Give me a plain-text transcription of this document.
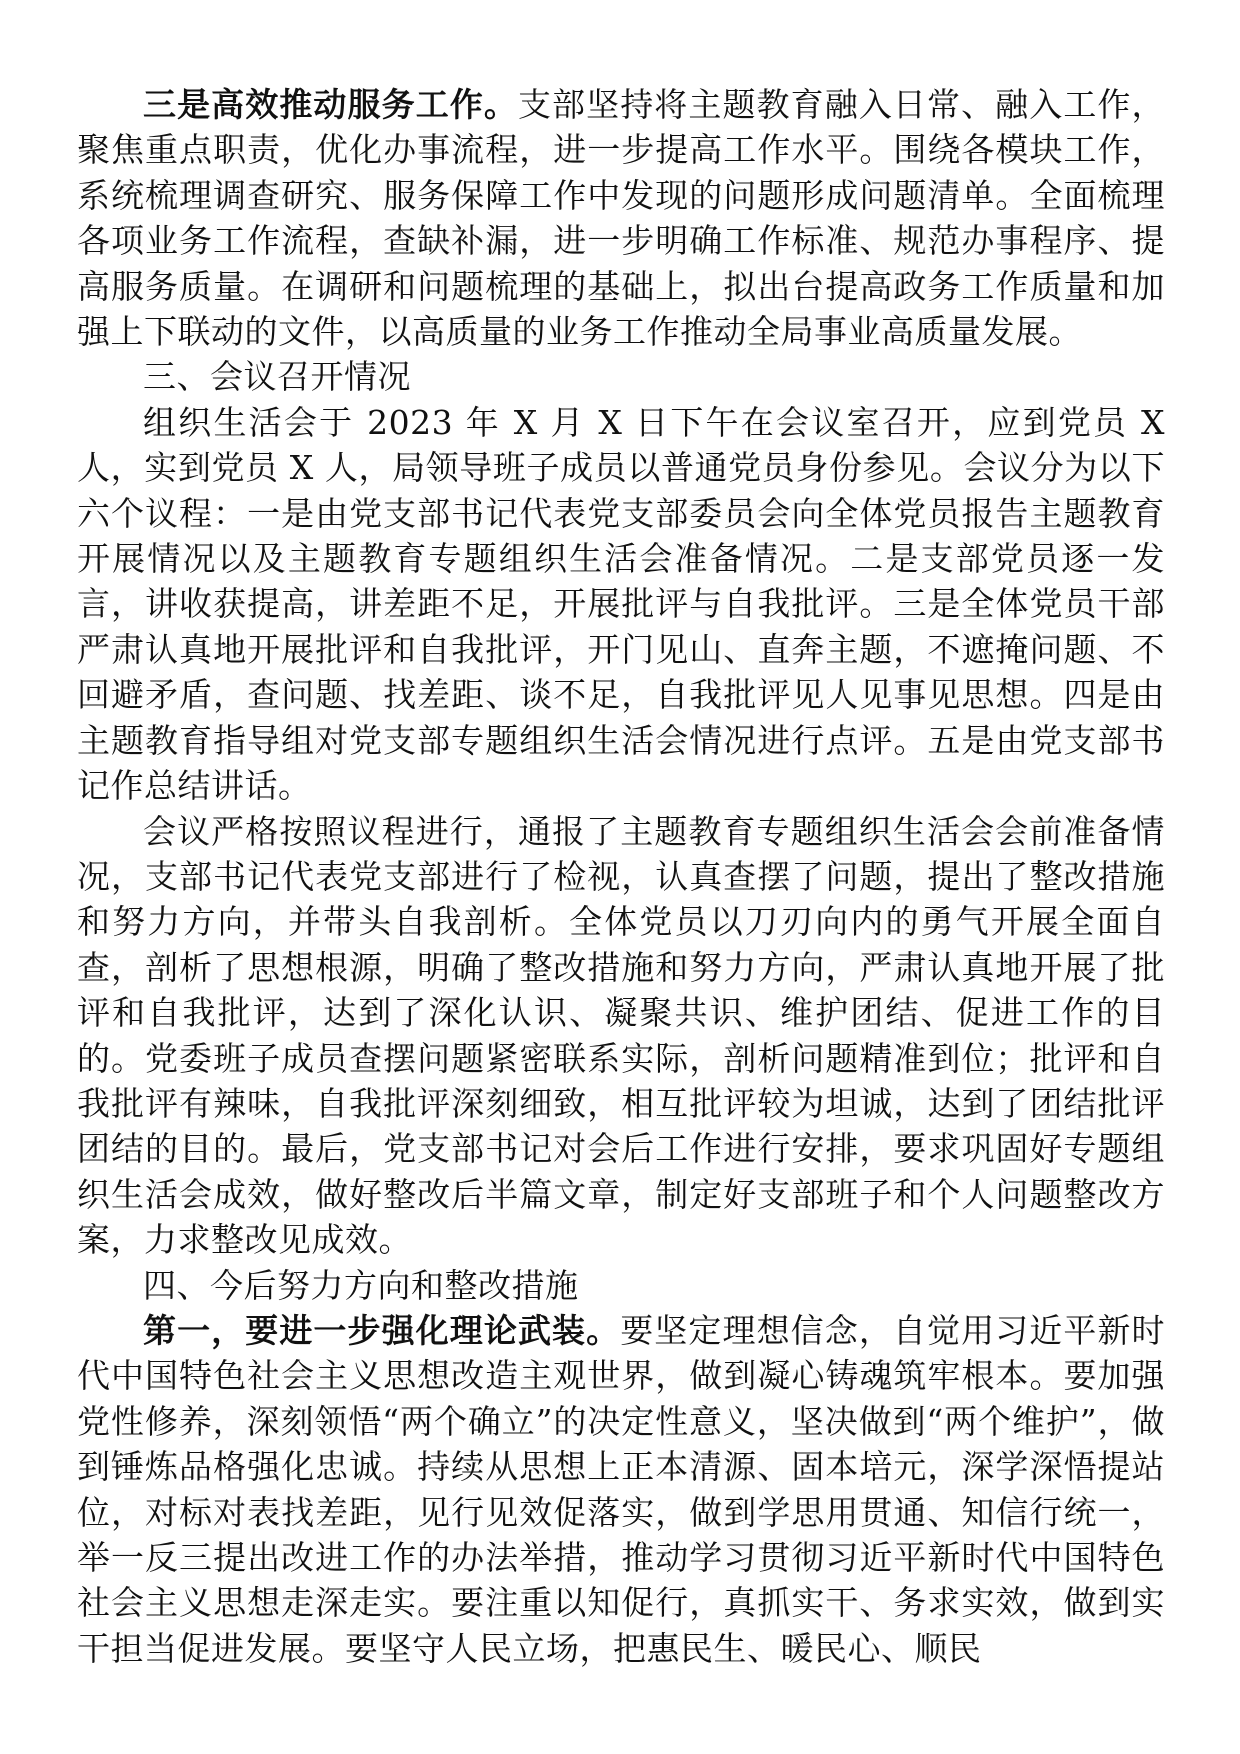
三是高效推动服务工作。支部坚持将主题教育融入日常、融入工作，聚焦重点职责，优化办事流程，进一步提高工作水平。围绕各模块工作，系统梳理调查研究、服务保障工作中发现的问题形成问题清单。全面梳理各项业务工作流程，查缺补漏，进一步明确工作标准、规范办事程序、提高服务质量。在调研和问题梳理的基础上，拟出台提高政务工作质量和加强上下联动的文件，以高质量的业务工作推动全局事业高质量发展。

三、会议召开情况

组织生活会于 2023 年 X 月 X 日下午在会议室召开，应到党员 X 人，实到党员 X 人，局领导班子成员以普通党员身份参见。会议分为以下六个议程：一是由党支部书记代表党支部委员会向全体党员报告主题教育开展情况以及主题教育专题组织生活会准备情况。二是支部党员逐一发言，讲收获提高，讲差距不足，开展批评与自我批评。三是全体党员干部严肃认真地开展批评和自我批评，开门见山、直奔主题，不遮掩问题、不回避矛盾，查问题、找差距、谈不足，自我批评见人见事见思想。四是由主题教育指导组对党支部专题组织生活会情况进行点评。五是由党支部书记作总结讲话。

会议严格按照议程进行，通报了主题教育专题组织生活会会前准备情况，支部书记代表党支部进行了检视，认真查摆了问题，提出了整改措施和努力方向，并带头自我剖析。全体党员以刀刃向内的勇气开展全面自查，剖析了思想根源，明确了整改措施和努力方向，严肃认真地开展了批评和自我批评，达到了深化认识、凝聚共识、维护团结、促进工作的目的。党委班子成员查摆问题紧密联系实际，剖析问题精准到位；批评和自我批评有辣味，自我批评深刻细致，相互批评较为坦诚，达到了团结批评团结的目的。最后，党支部书记对会后工作进行安排，要求巩固好专题组织生活会成效，做好整改后半篇文章，制定好支部班子和个人问题整改方案，力求整改见成效。

四、今后努力方向和整改措施

第一，要进一步强化理论武装。要坚定理想信念，自觉用习近平新时代中国特色社会主义思想改造主观世界，做到凝心铸魂筑牢根本。要加强党性修养，深刻领悟“两个确立”的决定性意义，坚决做到“两个维护”，做到锤炼品格强化忠诚。持续从思想上正本清源、固本培元，深学深悟提站位，对标对表找差距，见行见效促落实，做到学思用贯通、知信行统一，举一反三提出改进工作的办法举措，推动学习贯彻习近平新时代中国特色社会主义思想走深走实。要注重以知促行，真抓实干、务求实效，做到实干担当促进发展。要坚守人民立场，把惠民生、暖民心、顺民
